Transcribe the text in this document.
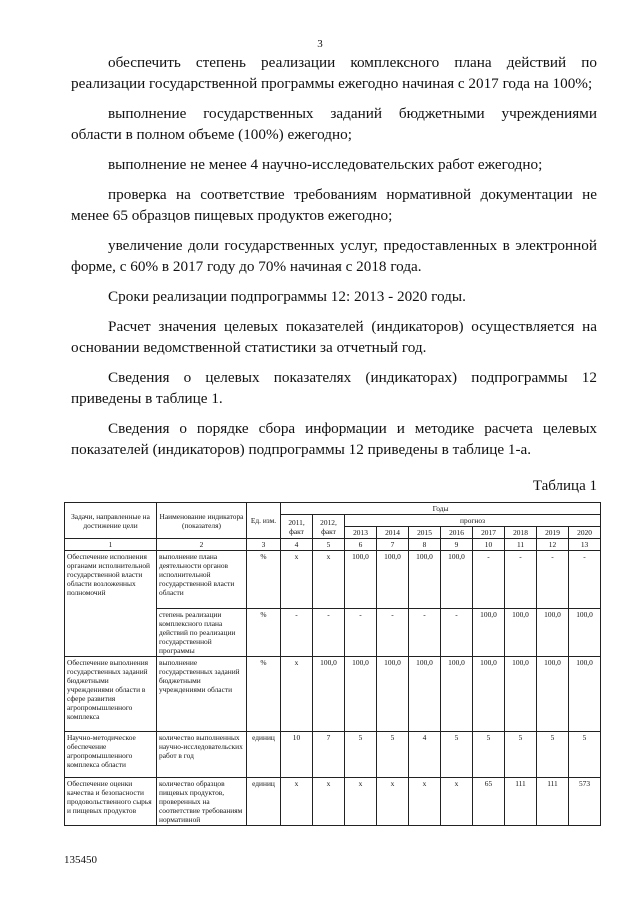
3

обеспечить степень реализации комплексного плана действий по реализации государственной программы ежегодно начиная с 2017 года на 100%;

выполнение государственных заданий бюджетными учреждениями области в полном объеме (100%) ежегодно;

выполнение не менее 4 научно-исследовательских работ ежегодно;

проверка на соответствие требованиям нормативной документации не менее 65 образцов пищевых продуктов ежегодно;

увеличение доли государственных услуг, предоставленных в электронной форме, с 60% в 2017 году до 70% начиная с 2018 года.

Сроки реализации подпрограммы 12: 2013 - 2020 годы.

Расчет значения целевых показателей (индикаторов) осуществляется на основании ведомственной статистики за отчетный год.

Сведения о целевых показателях (индикаторах) подпрограммы 12 приведены в таблице 1.

Сведения о порядке сбора информации и методике расчета целевых показателей (индикаторов) подпрограммы 12 приведены в таблице 1-а.

Таблица 1
Задачи, направленные на достижение цели	Наименование индикатора (показателя)	Ед. изм.	Годы									
			2011, факт	2012, факт	прогноз							
					2013	2014	2015	2016	2017	2018	2019	2020
1	2	3	4	5	6	7	8	9	10	11	12	13
Обеспечение исполнения органами исполнительной государственной власти области возложенных полномочий	выполнение плана деятельности органов исполнительной государственной власти области	%	x	x	100,0	100,0	100,0	100,0	-	-	-	-
	степень реализации комплексного плана действий по реализации государственной программы	%	-	-	-	-	-	-	100,0	100,0	100,0	100,0
Обеспечение выполнения государственных заданий бюджетными учреждениями области в сфере развития агропромышленного комплекса	выполнение государственных заданий бюджетными учреждениями области	%	x	100,0	100,0	100,0	100,0	100,0	100,0	100,0	100,0	100,0
Научно-методическое обеспечение агропромышленного комплекса области	количество выполненных научно-исследовательских работ в год	единиц	10	7	5	5	4	5	5	5	5	5
Обеспечение оценки качества и безопасности продовольственного сырья и пищевых продуктов	количество образцов пищевых продуктов, проверенных на соответствие требованиям нормативной	единиц	x	x	x	x	x	x	65	111	111	573
135450
